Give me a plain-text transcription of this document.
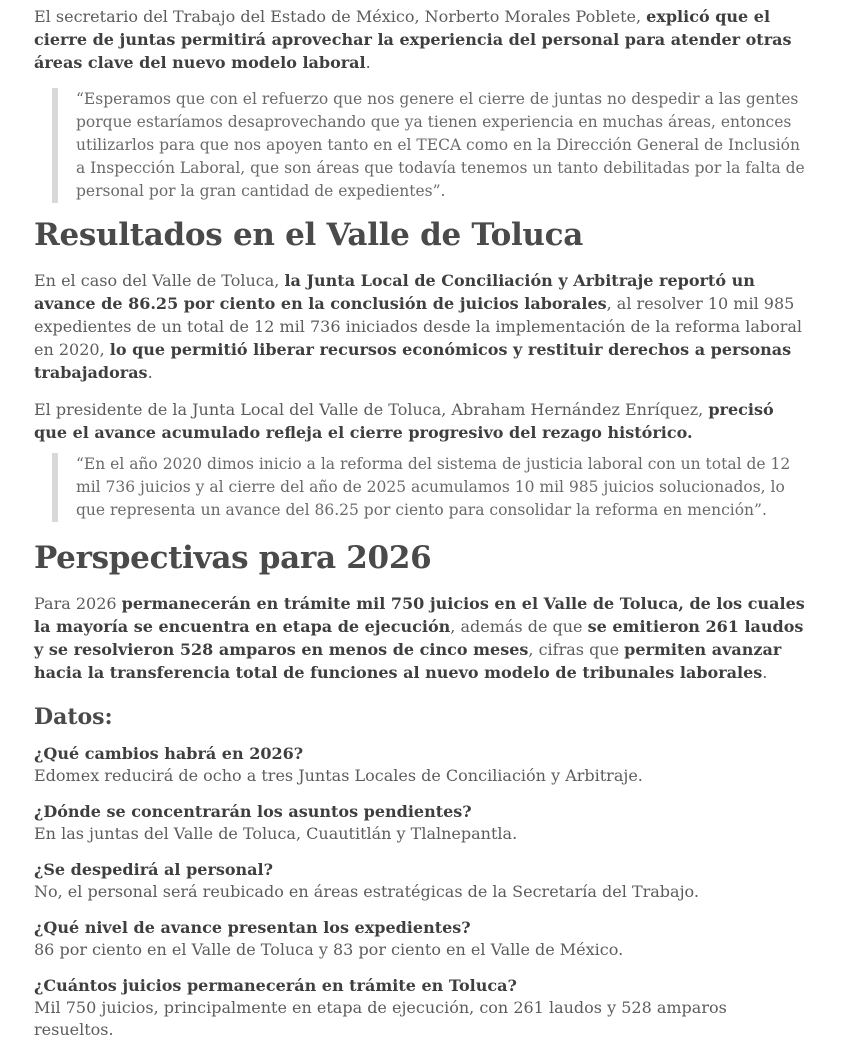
El secretario del Trabajo del Estado de México, Norberto Morales Poblete, explicó que el cierre de juntas permitirá aprovechar la experiencia del personal para atender otras áreas clave del nuevo modelo laboral.

“Esperamos que con el refuerzo que nos genere el cierre de juntas no despedir a las gentes porque estaríamos desaprovechando que ya tienen experiencia en muchas áreas, entonces utilizarlos para que nos apoyen tanto en el TECA como en la Dirección General de Inclusión a Inspección Laboral, que son áreas que todavía tenemos un tanto debilitadas por la falta de personal por la gran cantidad de expedientes”.

Resultados en el Valle de Toluca

En el caso del Valle de Toluca, la Junta Local de Conciliación y Arbitraje reportó un avance de 86.25 por ciento en la conclusión de juicios laborales, al resolver 10 mil 985 expedientes de un total de 12 mil 736 iniciados desde la implementación de la reforma laboral en 2020, lo que permitió liberar recursos económicos y restituir derechos a personas trabajadoras.

El presidente de la Junta Local del Valle de Toluca, Abraham Hernández Enríquez, precisó que el avance acumulado refleja el cierre progresivo del rezago histórico.

“En el año 2020 dimos inicio a la reforma del sistema de justicia laboral con un total de 12 mil 736 juicios y al cierre del año de 2025 acumulamos 10 mil 985 juicios solucionados, lo que representa un avance del 86.25 por ciento para consolidar la reforma en mención”.

Perspectivas para 2026

Para 2026 permanecerán en trámite mil 750 juicios en el Valle de Toluca, de los cuales la mayoría se encuentra en etapa de ejecución, además de que se emitieron 261 laudos y se resolvieron 528 amparos en menos de cinco meses, cifras que permiten avanzar hacia la transferencia total de funciones al nuevo modelo de tribunales laborales.

Datos:
¿Qué cambios habrá en 2026?
Edomex reducirá de ocho a tres Juntas Locales de Conciliación y Arbitraje.
¿Dónde se concentrarán los asuntos pendientes?
En las juntas del Valle de Toluca, Cuautitlán y Tlalnepantla.
¿Se despedirá al personal?
No, el personal será reubicado en áreas estratégicas de la Secretaría del Trabajo.
¿Qué nivel de avance presentan los expedientes?
86 por ciento en el Valle de Toluca y 83 por ciento en el Valle de México.
¿Cuántos juicios permanecerán en trámite en Toluca?
Mil 750 juicios, principalmente en etapa de ejecución, con 261 laudos y 528 amparos resueltos.
